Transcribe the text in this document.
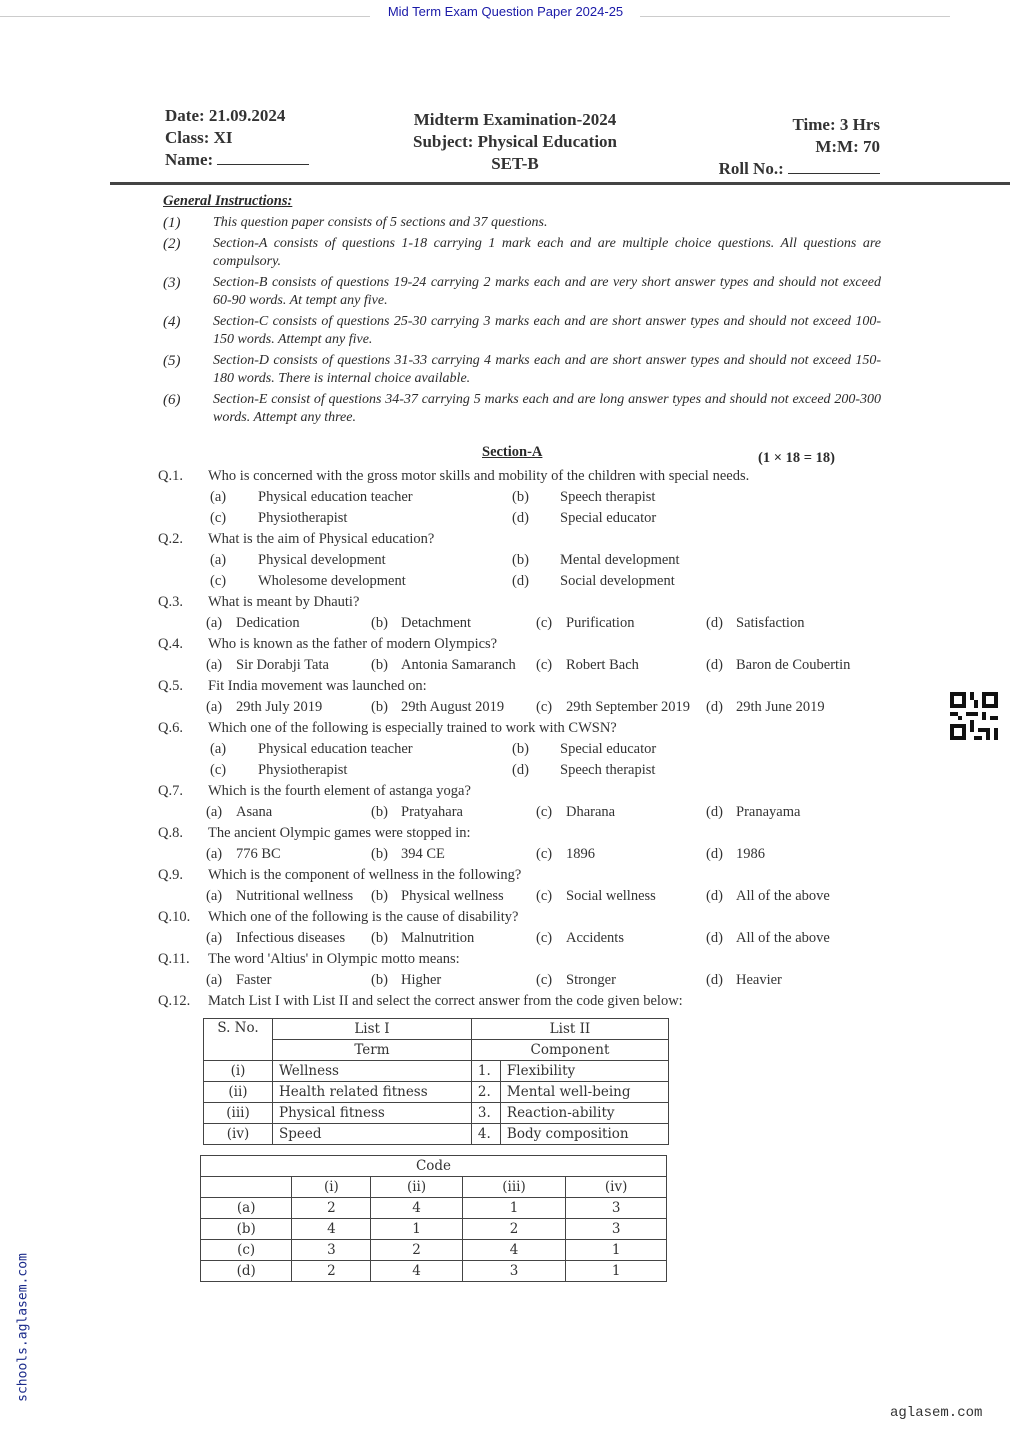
Mid Term Exam Question Paper 2024-25
Date: 21.09.2024
Class: XI
Name:
Midterm Examination-2024
Subject: Physical Education
SET-B
Time: 3 Hrs
M:M: 70
Roll No.:
General Instructions:
(1)	This question paper consists of 5 sections and 37 questions.
(2)	Section-A consists of questions 1-18 carrying 1 mark each and are multiple choice questions. All questions are compulsory.
(3)	Section-B consists of questions 19-24 carrying 2 marks each and are very short answer types and should not exceed 60-90 words. At tempt any five.
(4)	Section-C consists of questions 25-30 carrying 3 marks each and are short answer types and should not exceed 100-150 words. Attempt any five.
(5)	Section-D consists of questions 31-33 carrying 4 marks each and are short answer types and should not exceed 150-180 words. There is internal choice available.
(6)	Section-E consist of questions 34-37 carrying 5 marks each and are long answer types and should not exceed 200-300 words. Attempt any three.
Section-A	(1 × 18 = 18)
Q.1.	Who is concerned with the gross motor skills and mobility of the children with special needs.
(a)	Physical education teacher	(b)	Speech therapist
(c)	Physiotherapist	(d)	Special educator
Q.2.	What is the aim of Physical education?
(a)	Physical development	(b)	Mental development
(c)	Wholesome development	(d)	Social development
Q.3.	What is meant by Dhauti?
(a) Dedication	(b) Detachment	(c) Purification	(d) Satisfaction
Q.4.	Who is known as the father of modern Olympics?
(a) Sir Dorabji Tata	(b) Antonia Samaranch (c) Robert Bach	(d) Baron de Coubertin
Q.5.	Fit India movement was launched on:
(a) 29th July 2019	(b) 29th August 2019 (c) 29th September 2019 (d) 29th June 2019
Q.6.	Which one of the following is especially trained to work with CWSN?
(a)	Physical education teacher	(b)	Special educator
(c)	Physiotherapist	(d)	Speech therapist
Q.7.	Which is the fourth element of astanga yoga?
(a) Asana	(b) Pratyahara	(c) Dharana	(d) Pranayama
Q.8.	The ancient Olympic games were stopped in:
(a) 776 BC	(b) 394 CE	(c) 1896	(d) 1986
Q.9.	Which is the component of wellness in the following?
(a) Nutritional wellness (b) Physical wellness (c) Social wellness	(d) All of the above
Q.10.	Which one of the following is the cause of disability?
(a) Infectious diseases (b) Malnutrition	(c) Accidents	(d) All of the above
Q.11.	The word 'Altius' in Olympic motto means:
(a) Faster	(b) Higher	(c) Stronger	(d) Heavier
Q.12.	Match List I with List II and select the correct answer from the code given below:
S. No.	List I	List II	
	Term	Component	
(i)	Wellness	1.	Flexibility
(ii)	Health related fitness	2.	Mental well-being
(iii)	Physical fitness	3.	Reaction-ability
(iv)	Speed	4.	Body composition
Code				
	(i)	(ii)	(iii)	(iv)
(a)	2	4	1	3
(b)	4	1	2	3
(c)	3	2	4	1
(d)	2	4	3	1
schools.aglasem.com
aglasem.com
